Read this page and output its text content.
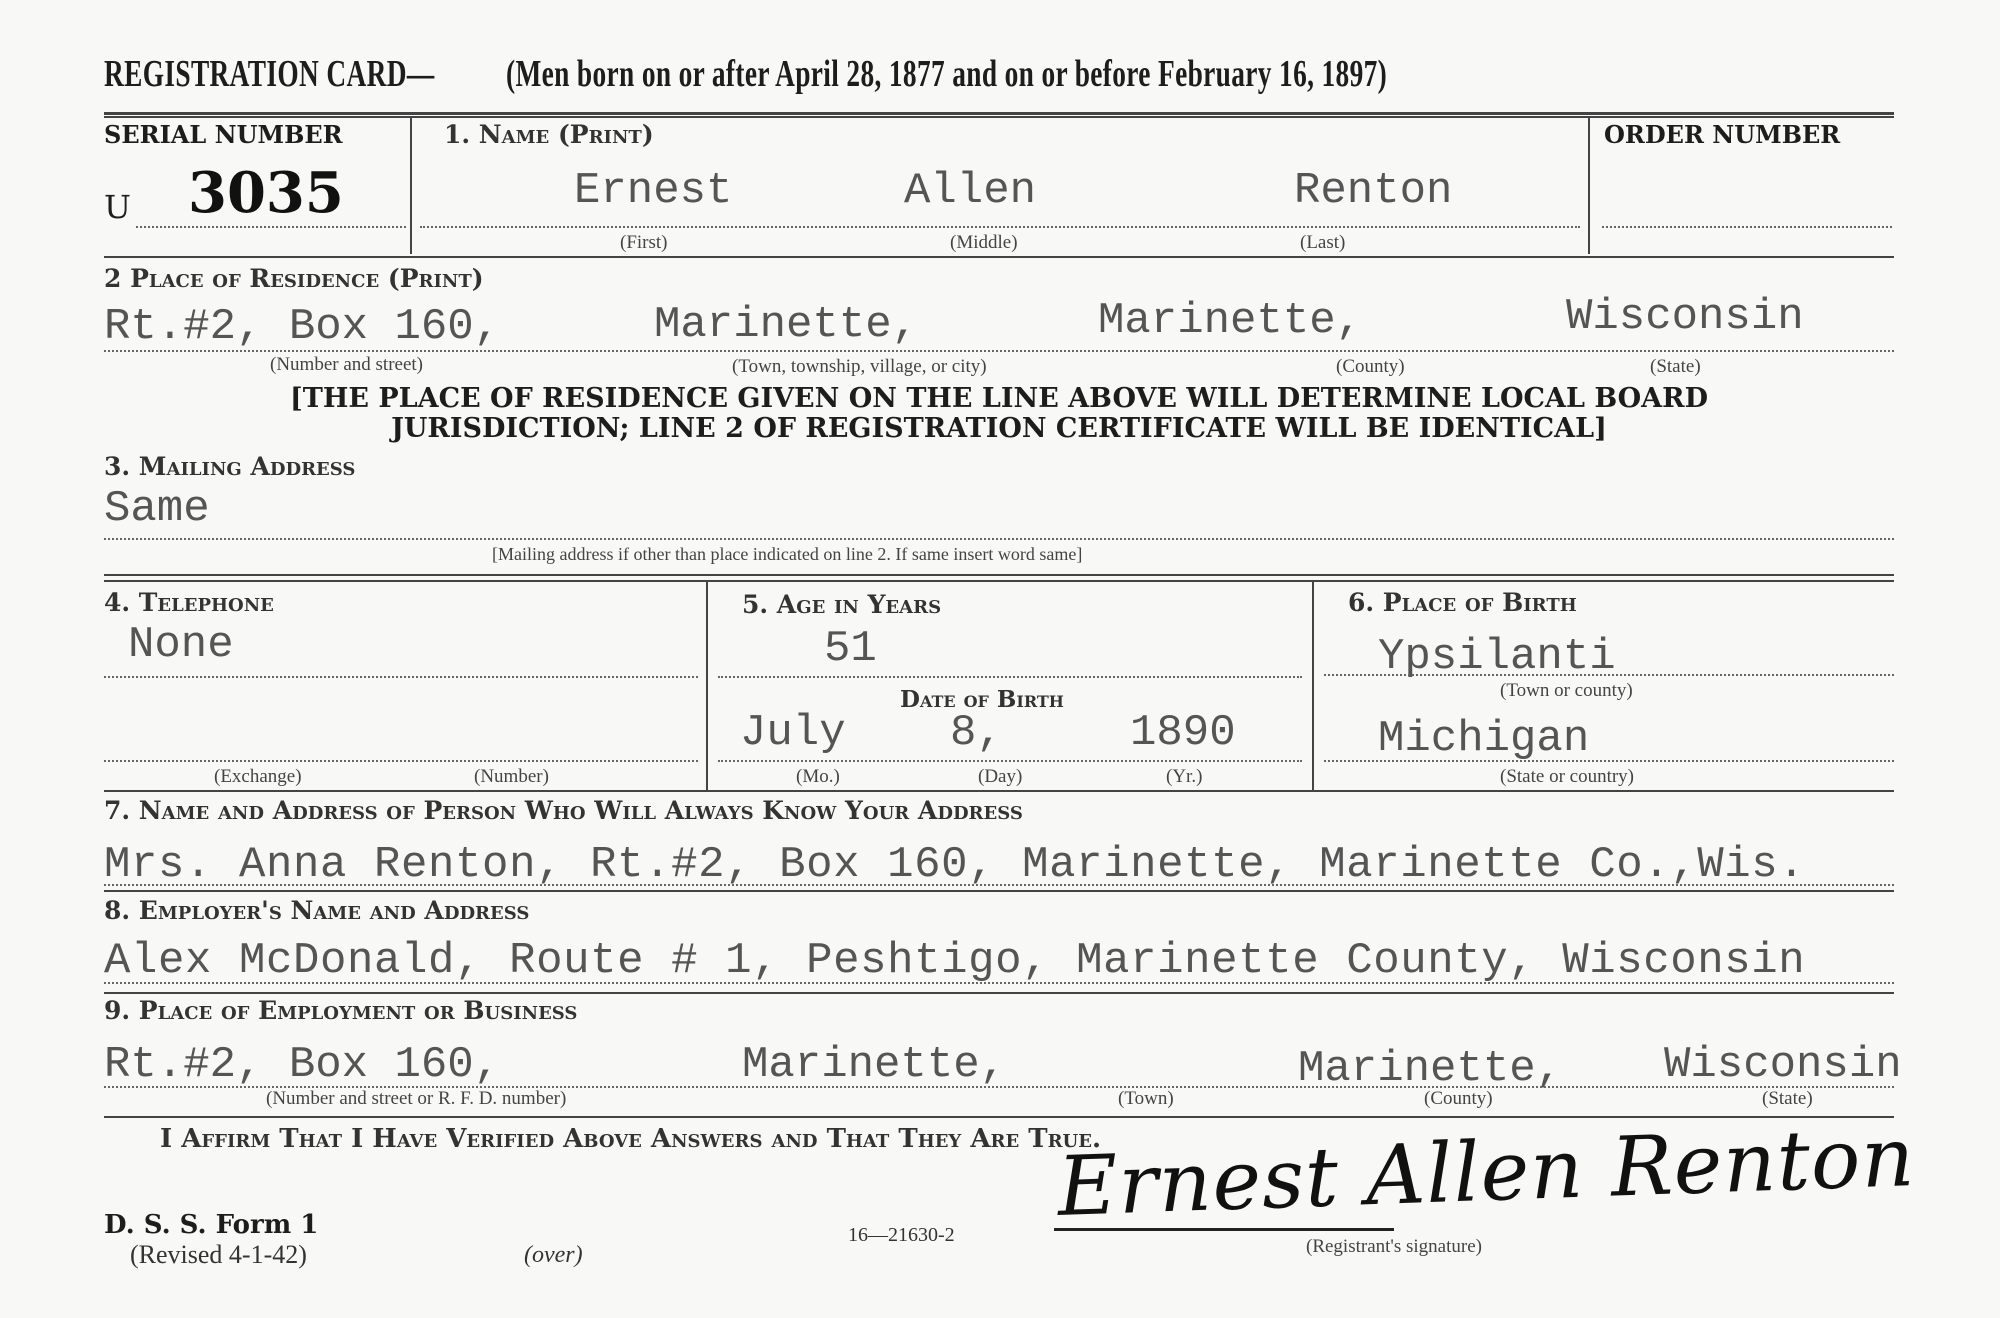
REGISTRATION CARD— (Men born on or after April 28, 1877 and on or before February 16, 1897)
SERIAL NUMBER
U 3035
1. Name (Print)
Ernest	Allen	Renton
(First)	(Middle)	(Last)
ORDER NUMBER
2 Place of Residence (Print)
Rt.#2, Box 160,	Marinette,	Marinette,	Wisconsin
(Number and street)	(Town, township, village, or city)	(County)	(State)
[THE PLACE OF RESIDENCE GIVEN ON THE LINE ABOVE WILL DETERMINE LOCAL BOARD
JURISDICTION; LINE 2 OF REGISTRATION CERTIFICATE WILL BE IDENTICAL]
3. Mailing Address
Same
[Mailing address if other than place indicated on line 2. If same insert word same]
4. Telephone
None
(Exchange)	(Number)
5. Age in Years
51
Date of Birth
July 8,	1890
(Mo.)	(Day)	(Yr.)
6. Place of Birth
Ypsilanti
(Town or county)
Michigan
(State or country)
7. Name and Address of Person Who Will Always Know Your Address
Mrs. Anna Renton, Rt.#2, Box 160, Marinette, Marinette Co.,Wis.
8. Employer's Name and Address
Alex McDonald, Route # 1, Peshtigo, Marinette County, Wisconsin
9. Place of Employment or Business
Rt.#2, Box 160,	Marinette,	Marinette, Wisconsin
(Number and street or R. F. D. number)	(Town)	(County)	(State)
I Affirm That I Have Verified Above Answers and That They Are True.
D. S. S. Form 1
(Revised 4-1-42)	(over)
16—21630-2
Ernest Allen Renton
(Registrant's signature)
